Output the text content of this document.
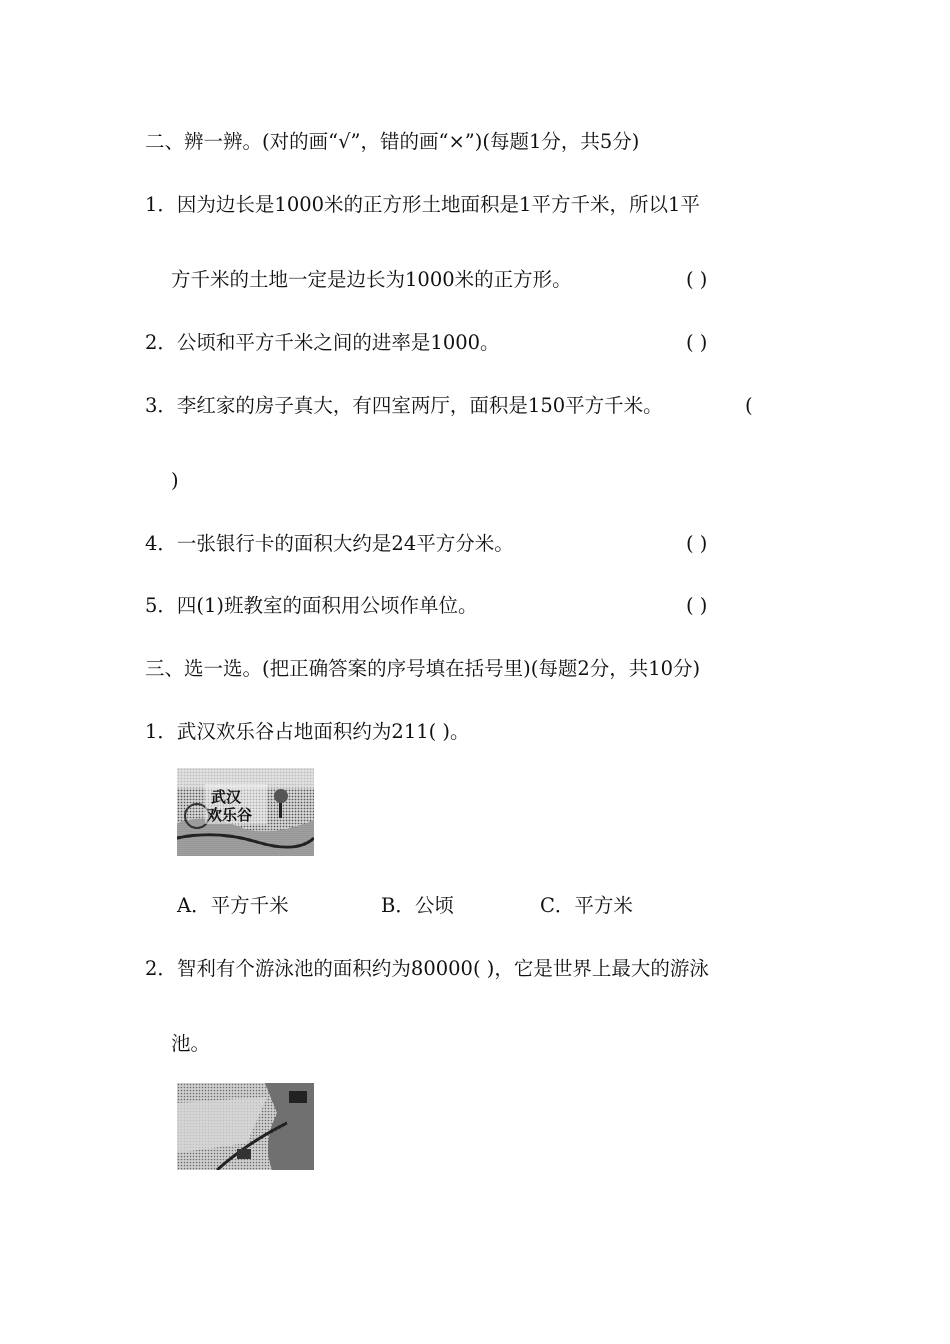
二、辨一辨。(对的画“√”，错的画“×”)(每题1分，共5分)
1．因为边长是1000米的正方形土地面积是1平方千米，所以1平
方千米的土地一定是边长为1000米的正方形。	( )
2．公顷和平方千米之间的进率是1000。	( )
3．李红家的房子真大，有四室两厅，面积是150平方千米。	(
)
4．一张银行卡的面积大约是24平方分米。	( )
5．四(1)班教室的面积用公顷作单位。	( )
三、选一选。(把正确答案的序号填在括号里)(每题2分，共10分)
1．武汉欢乐谷占地面积约为211( )。
武汉
欢乐谷
A．平方千米	B．公顷	C．平方米
2．智利有个游泳池的面积约为80000( )，它是世界上最大的游泳
池。
